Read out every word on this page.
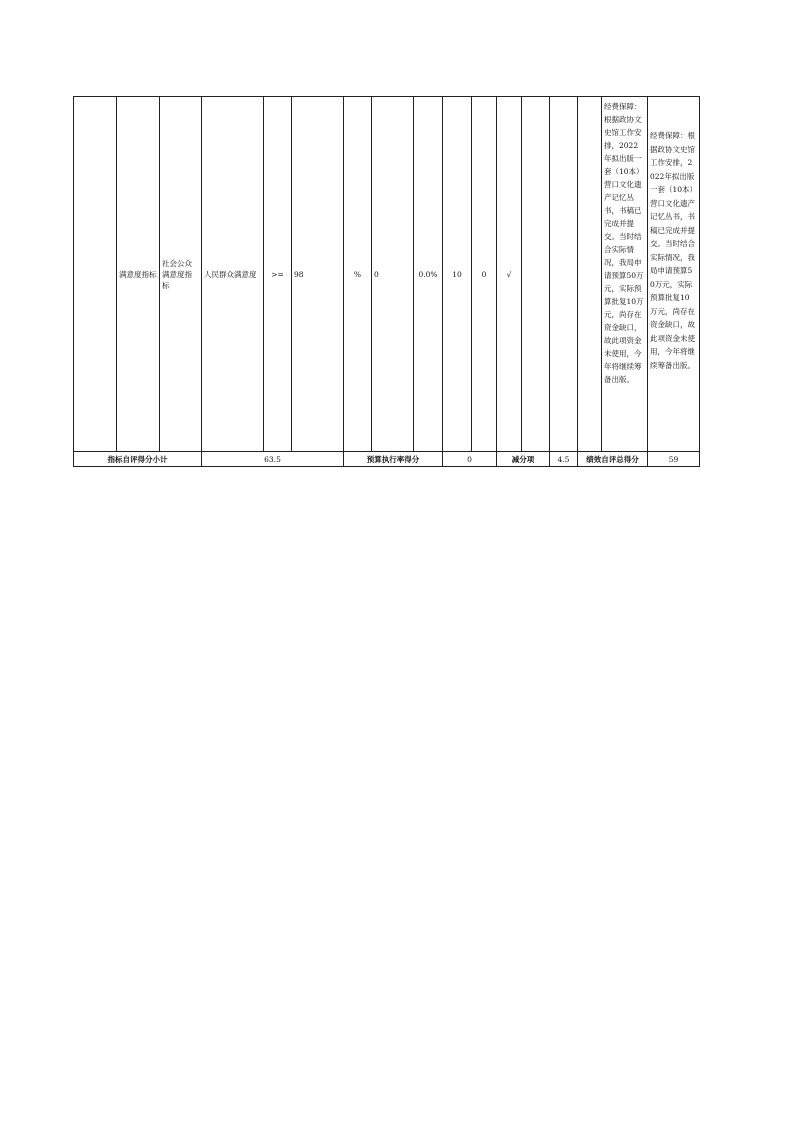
	满意度指标	社会公众满意度指标	人民群众满意度	>=	98	%	0	0.0%	10	0	√				经费保障：根据政协文史馆工作安排，2022年拟出版一套（10本）营口文化遗产记忆丛书，书稿已完成并提交。当时结合实际情况，我局申请预算50万元，实际预算批复10万元，尚存在资金缺口，故此项资金未使用，今年将继续筹备出版。	经费保障：根据政协文史馆工作安排，2022年拟出版一套（10本）营口文化遗产记忆丛书，书稿已完成并提交。当时结合实际情况，我局申请预算50万元，实际预算批复10万元，尚存在资金缺口，故此项资金未使用，今年将继续筹备出版。
指标自评得分小计			63.5			预算执行率得分			0		减分项		4.5	绩效自评总得分		59
